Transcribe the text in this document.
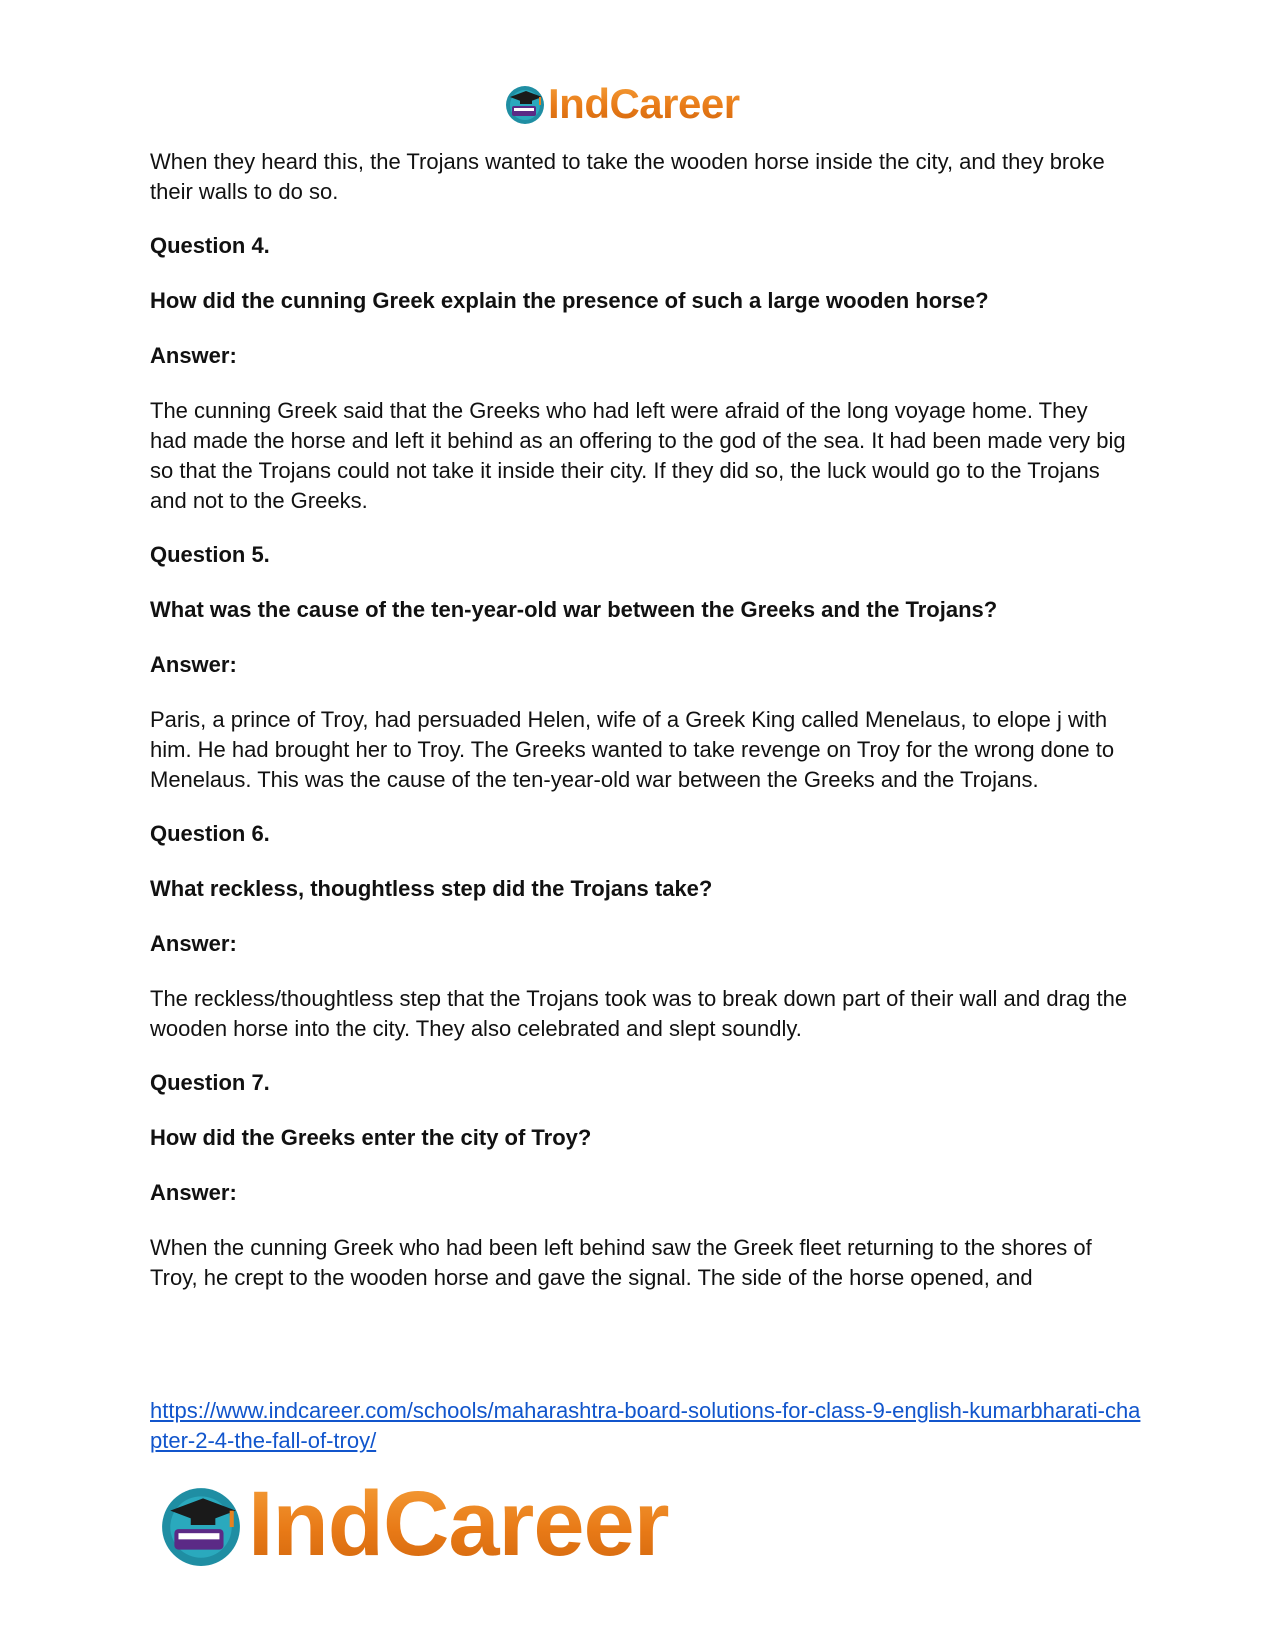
IndCareer

When they heard this, the Trojans wanted to take the wooden horse inside the city, and they broke their walls to do so.

Question 4.

How did the cunning Greek explain the presence of such a large wooden horse?

Answer:

The cunning Greek said that the Greeks who had left were afraid of the long voyage home. They had made the horse and left it behind as an offering to the god of the sea. It had been made very big so that the Trojans could not take it inside their city. If they did so, the luck would go to the Trojans and not to the Greeks.

Question 5.

What was the cause of the ten-year-old war between the Greeks and the Trojans?

Answer:

Paris, a prince of Troy, had persuaded Helen, wife of a Greek King called Menelaus, to elope j with him. He had brought her to Troy. The Greeks wanted to take revenge on Troy for the wrong done to Menelaus. This was the cause of the ten-year-old war between the Greeks and the Trojans.

Question 6.

What reckless, thoughtless step did the Trojans take?

Answer:

The reckless/thoughtless step that the Trojans took was to break down part of their wall and drag the wooden horse into the city. They also celebrated and slept soundly.

Question 7.

How did the Greeks enter the city of Troy?

Answer:

When the cunning Greek who had been left behind saw the Greek fleet returning to the shores of Troy, he crept to the wooden horse and gave the signal. The side of the horse opened, and

https://www.indcareer.com/schools/maharashtra-board-solutions-for-class-9-english-kumarbharati-chapter-2-4-the-fall-of-troy/
IndCareer
